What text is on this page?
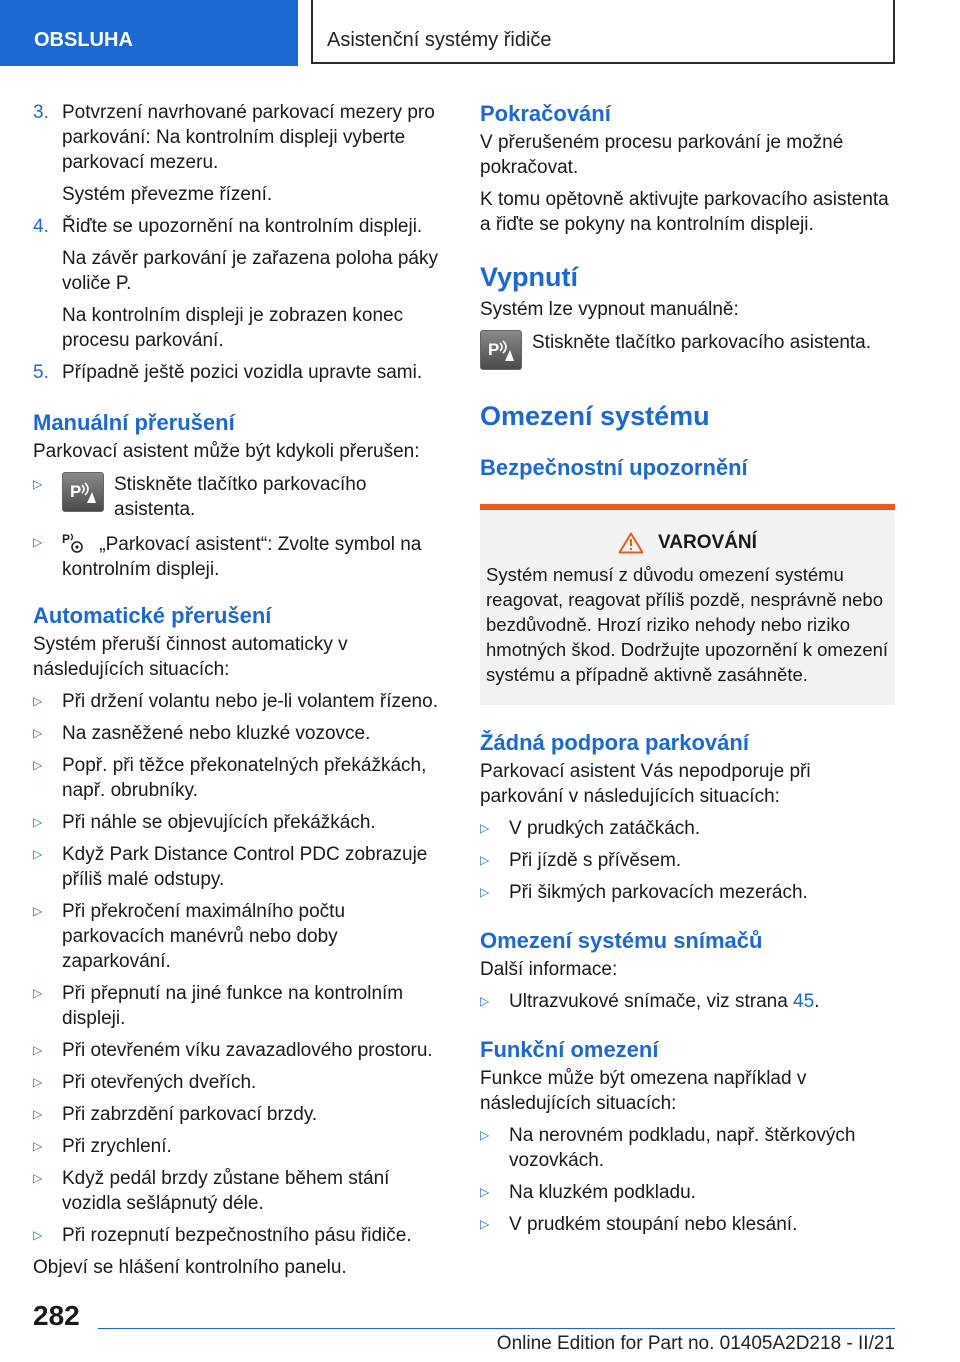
OBSLUHA	Asistenční systémy řidiče
3. Potvrzení navrhované parkovací mezery pro parkování: Na kontrolním displeji vyberte parkovací mezeru.

Systém převezme řízení.

4. Řiďte se upozornění na kontrolním displeji.

Na závěr parkování je zařazena poloha páky voliče P.

Na kontrolním displeji je zobrazen konec procesu parkování.

5. Případně ještě pozici vozidla upravte sami.
Manuální přerušení

Parkovací asistent může být kdykoli přerušen:

▷	P Stiskněte tlačítko parkovacího asistenta.
▷	P „Parkovací asistent“: Zvolte symbol na kontrolním displeji.
Automatické přerušení

Systém přeruší činnost automaticky v následujících situacích:

▷	Při držení volantu nebo je-li volantem řízeno.
▷	Na zasněžené nebo kluzké vozovce.
▷	Popř. při těžce překonatelných překážkách, např. obrubníky.
▷	Při náhle se objevujících překážkách.
▷	Když Park Distance Control PDC zobrazuje příliš malé odstupy.
▷	Při překročení maximálního počtu parkovacích manévrů nebo doby zaparkování.
▷	Při přepnutí na jiné funkce na kontrolním displeji.
▷	Při otevřeném víku zavazadlového prostoru.
▷	Při otevřených dveřích.
▷	Při zabrzdění parkovací brzdy.
▷	Při zrychlení.
▷	Když pedál brzdy zůstane během stání vozidla sešlápnutý déle.
▷	Při rozepnutí bezpečnostního pásu řidiče.

Objeví se hlášení kontrolního panelu.

Pokračování

V přerušeném procesu parkování je možné pokračovat.

K tomu opětovně aktivujte parkovacího asistenta a řiďte se pokyny na kontrolním displeji.

Vypnutí

Systém lze vypnout manuálně:

P Stiskněte tlačítko parkovacího asistenta.
Omezení systému
Bezpečnostní upozornění
VAROVÁNÍ
Systém nemusí z důvodu omezení systému reagovat, reagovat příliš pozdě, nesprávně nebo bezdůvodně. Hrozí riziko nehody nebo riziko hmotných škod. Dodržujte upozornění k omezení systému a případně aktivně zasáhněte.
Žádná podpora parkování

Parkovací asistent Vás nepodporuje při parkování v následujících situacích:

▷	V prudkých zatáčkách.
▷	Při jízdě s přívěsem.
▷	Při šikmých parkovacích mezerách.
Omezení systému snímačů

Další informace:

▷	Ultrazvukové snímače, viz strana 45.
Funkční omezení

Funkce může být omezena například v následujících situacích:

▷	Na nerovném podkladu, např. štěrkových vozovkách.
▷	Na kluzkém podkladu.
▷	V prudkém stoupání nebo klesání.
282
Online Edition for Part no. 01405A2D218 - II/21
